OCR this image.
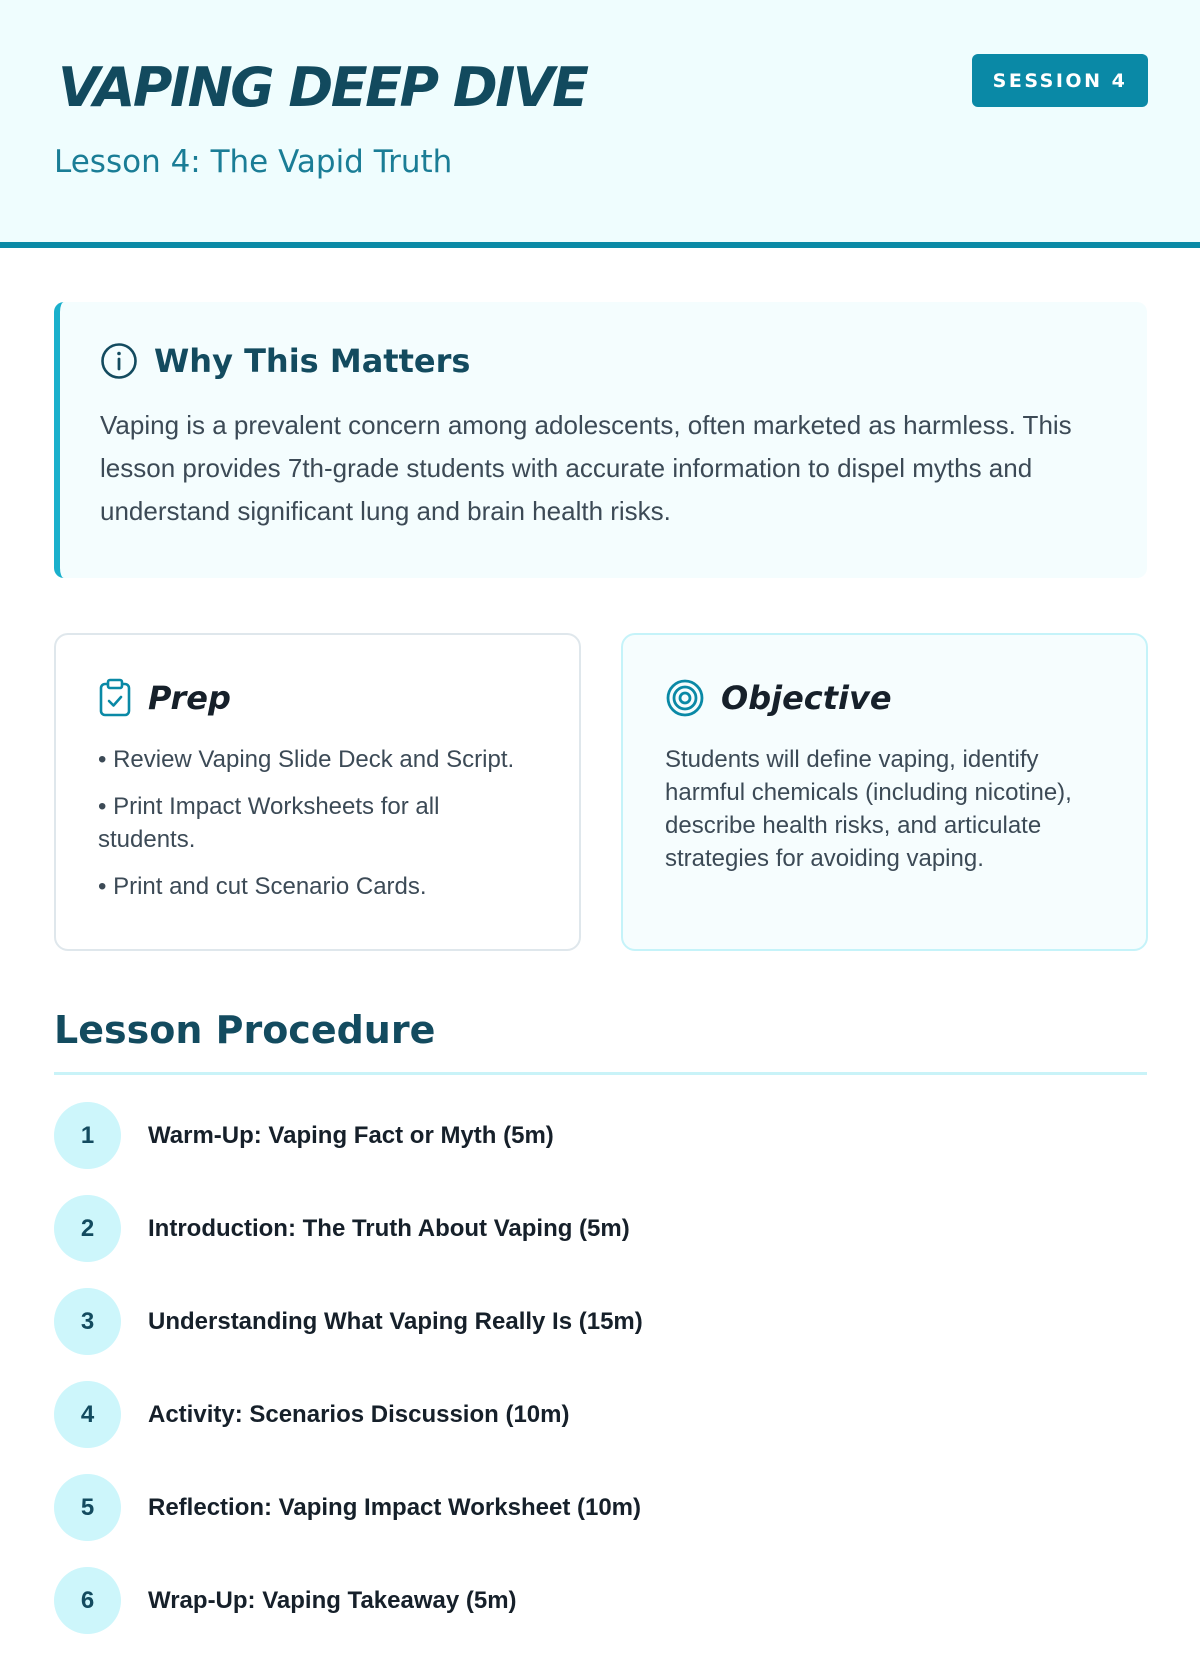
VAPING DEEP DIVE
Lesson 4: The Vapid Truth
SESSION 4
Why This Matters

Vaping is a prevalent concern among adolescents, often marketed as harmless. This lesson provides 7th-grade students with accurate information to dispel myths and understand significant lung and brain health risks.

Prep
• Review Vaping Slide Deck and Script.
• Print Impact Worksheets for all students.
• Print and cut Scenario Cards.
Objective

Students will define vaping, identify harmful chemicals (including nicotine), describe health risks, and articulate strategies for avoiding vaping.

Lesson Procedure
1	Warm-Up: Vaping Fact or Myth (5m)
2	Introduction: The Truth About Vaping (5m)
3	Understanding What Vaping Really Is (15m)
4	Activity: Scenarios Discussion (10m)
5	Reflection: Vaping Impact Worksheet (10m)
6	Wrap-Up: Vaping Takeaway (5m)
